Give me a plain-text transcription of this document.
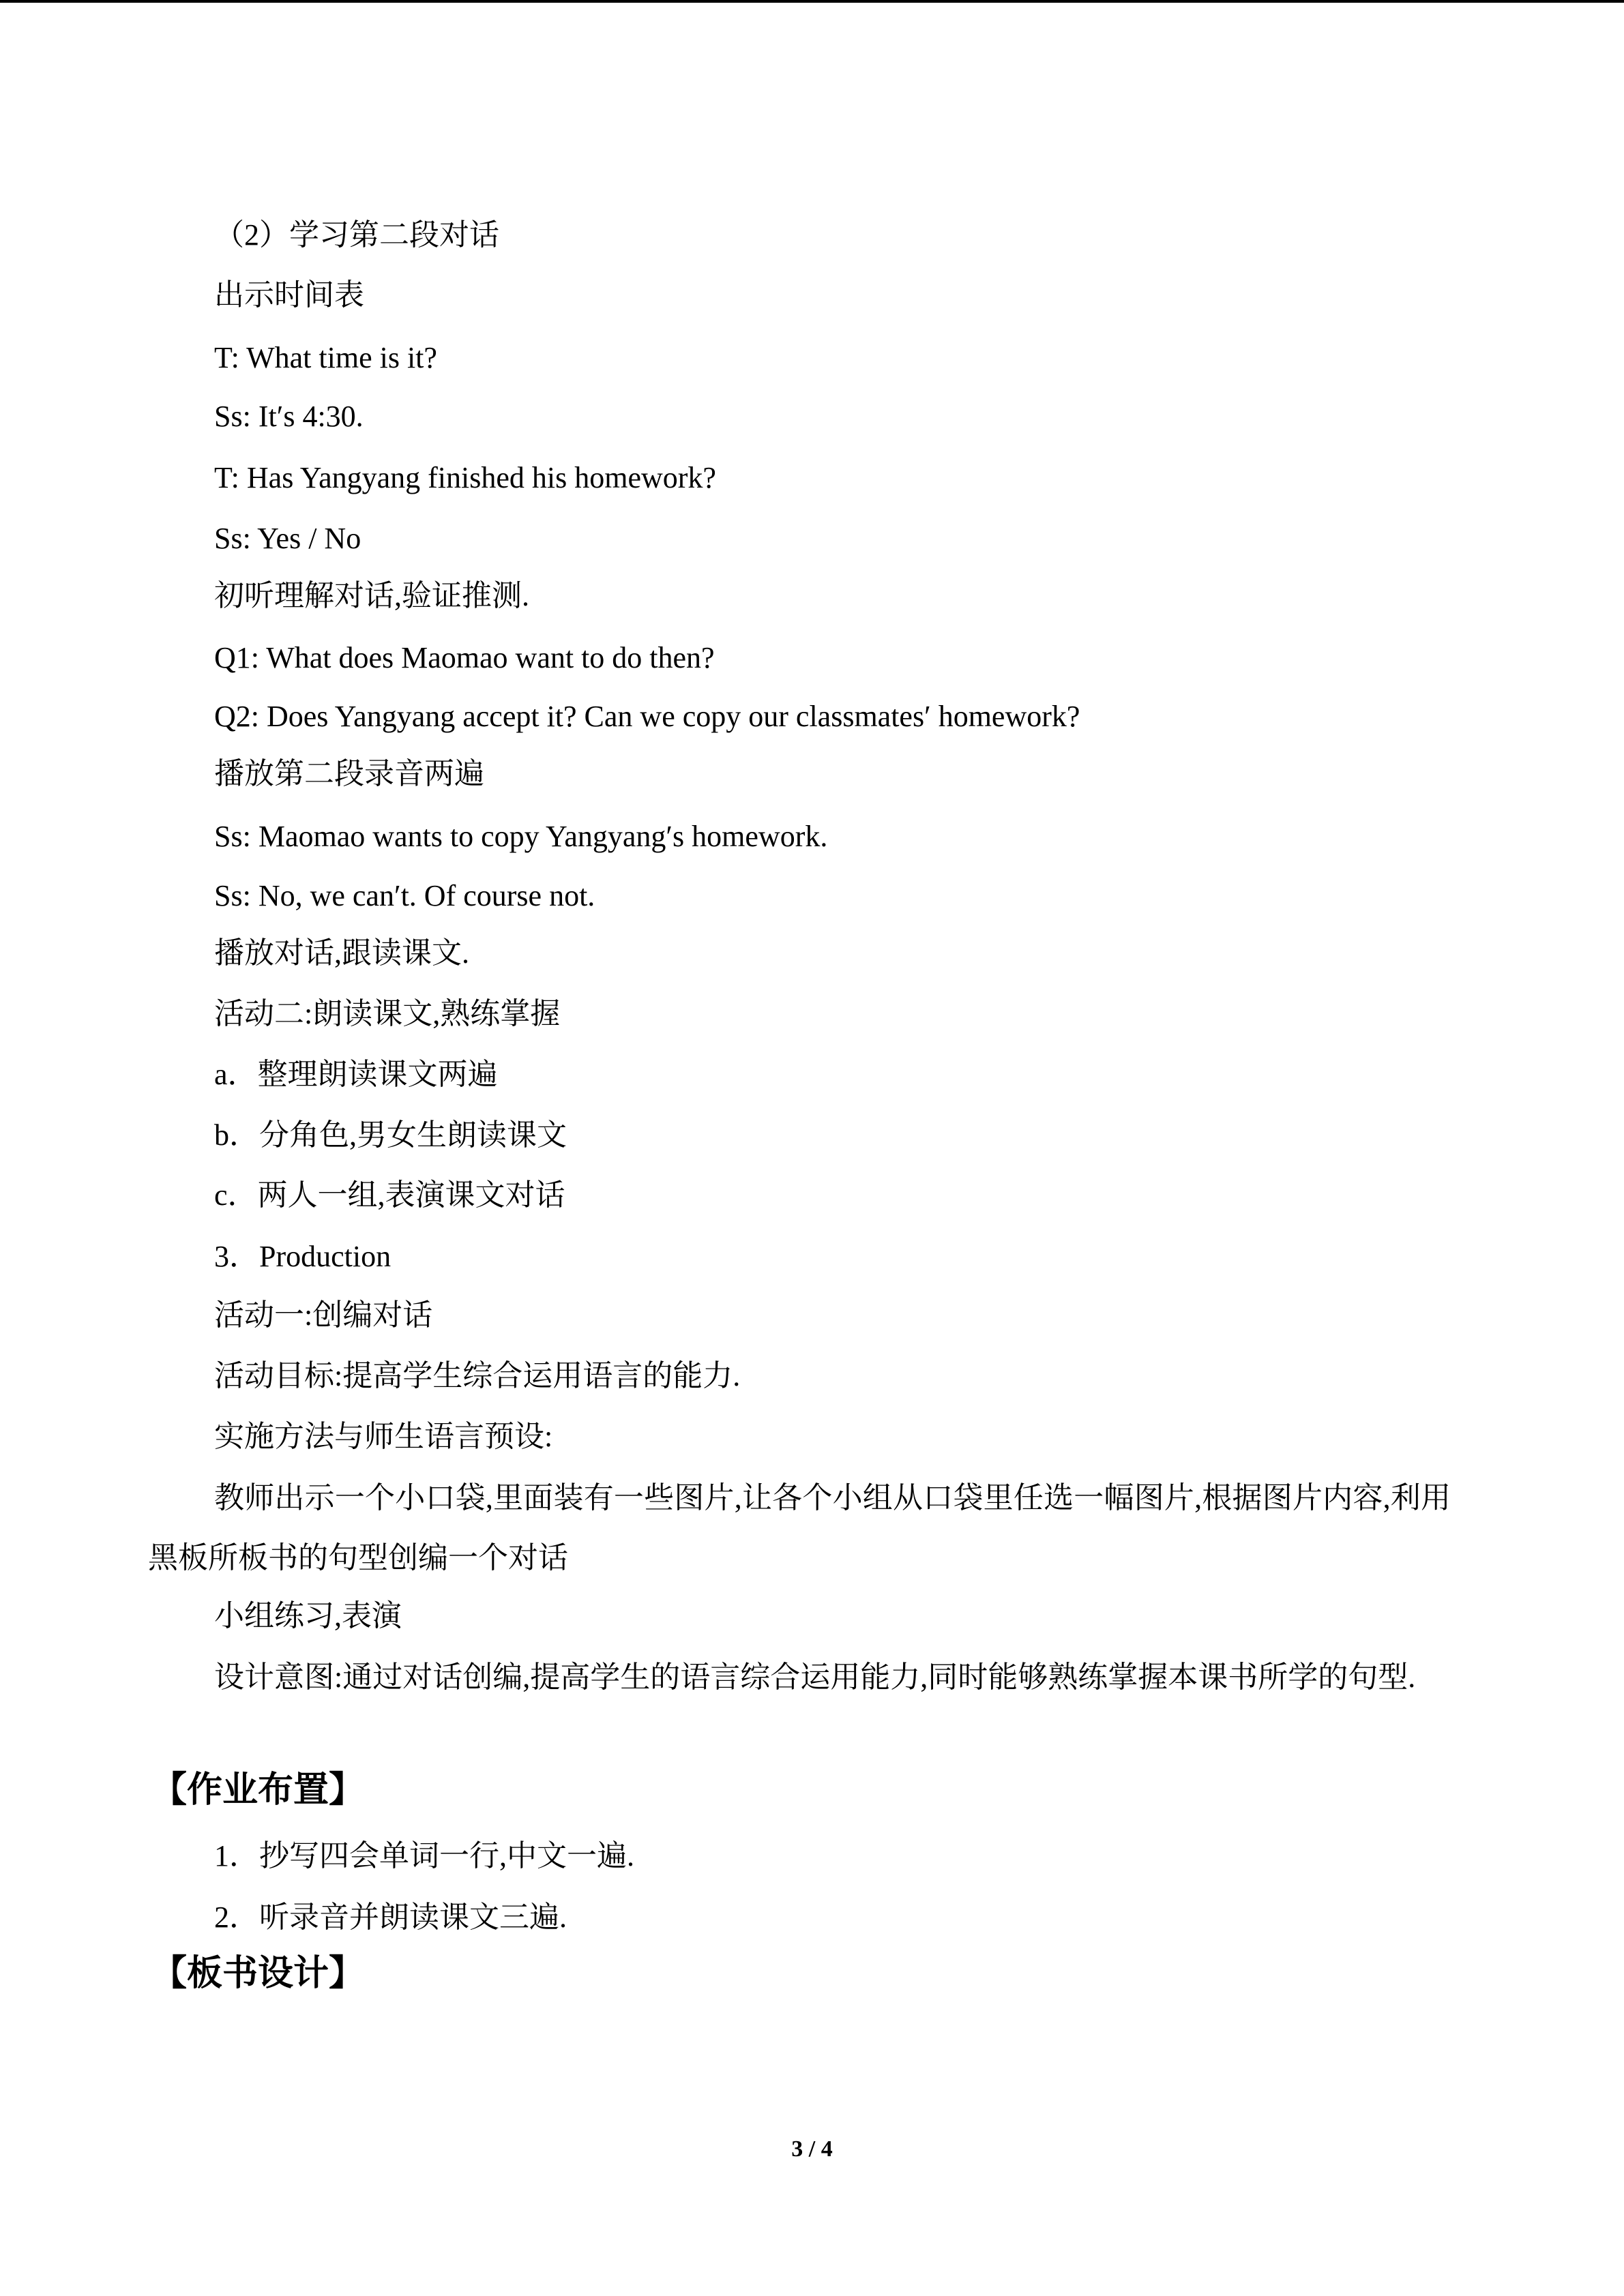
（2）学习第二段对话
出示时间表
T: What time is it?
Ss: It′s 4:30.
T: Has Yangyang finished his homework?
Ss: Yes / No
初听理解对话,验证推测.
Q1: What does Maomao want to do then?
Q2: Does Yangyang accept it? Can we copy our classmates′ homework?
播放第二段录音两遍
Ss: Maomao wants to copy Yangyang′s homework.
Ss: No, we can′t. Of course not.
播放对话,跟读课文.
活动二:朗读课文,熟练掌握
a．整理朗读课文两遍
b．分角色,男女生朗读课文
c．两人一组,表演课文对话
3．Production
活动一:创编对话
活动目标:提高学生综合运用语言的能力.
实施方法与师生语言预设:
教师出示一个小口袋,里面装有一些图片,让各个小组从口袋里任选一幅图片,根据图片内容,利用黑板所板书的句型创编一个对话
小组练习,表演
设计意图:通过对话创编,提高学生的语言综合运用能力,同时能够熟练掌握本课书所学的句型.
【作业布置】
1．抄写四会单词一行,中文一遍.
2．听录音并朗读课文三遍.
【板书设计】
3 / 4
